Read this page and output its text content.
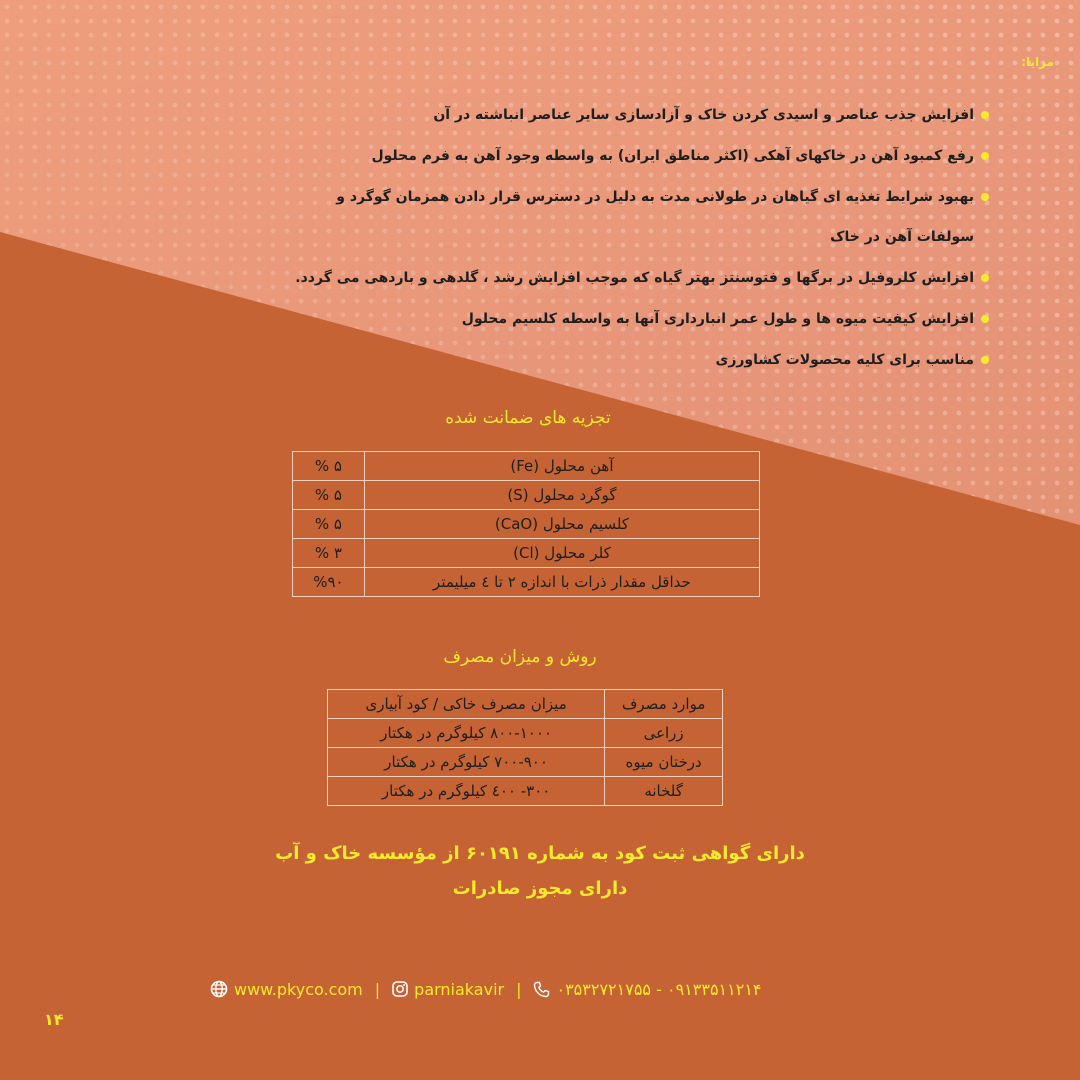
مزایا:
افزایش جذب عناصر و اسیدی کردن خاک و آزادسازی سایر عناصر انباشته در آن
رفع کمبود آهن در خاکهای آهکی (اکثر مناطق ایران) به واسطه وجود آهن به فرم محلول
بهبود شرایط تغذیه ای گیاهان در طولانی مدت به دلیل در دسترس قرار دادن همزمان گوگرد و
سولفات آهن در خاک
افزایش کلروفیل در برگها و فتوسنتز بهتر گیاه که موجب افزایش رشد ، گلدهی و باردهی می گردد.
افزایش کیفیت میوه ها و طول عمر انبارداری آنها به واسطه کلسیم محلول
مناسب برای کلیه محصولات کشاورزی
تجزیه های ضمانت شده
آهن محلول (Fe)	۵ %
گوگرد محلول (S)	۵ %
کلسیم محلول (CaO)	۵ %
کلر محلول (Cl)	۳ %
حداقل مقدار ذرات با اندازه ۲ تا ٤ میلیمتر	%۹۰
روش و میزان مصرف
موارد مصرف	میزان مصرف خاکی / کود آبیاری
زراعی	۸۰۰-۱۰۰۰ کیلوگرم در هکتار
درختان میوه	۷۰۰-۹۰۰ کیلوگرم در هکتار
گلخانه	۳۰۰- ٤۰۰ کیلوگرم در هکتار
دارای گواهی ثبت کود به شماره ۶۰۱۹۱ از مؤسسه خاک و آب
دارای مجوز صادرات
www.pkyco.com | parniakavir | ۰۹۱۳۳۵۱۱۲۱۴ - ۰۳۵۳۲۷۲۱۷۵۵
۱۴
